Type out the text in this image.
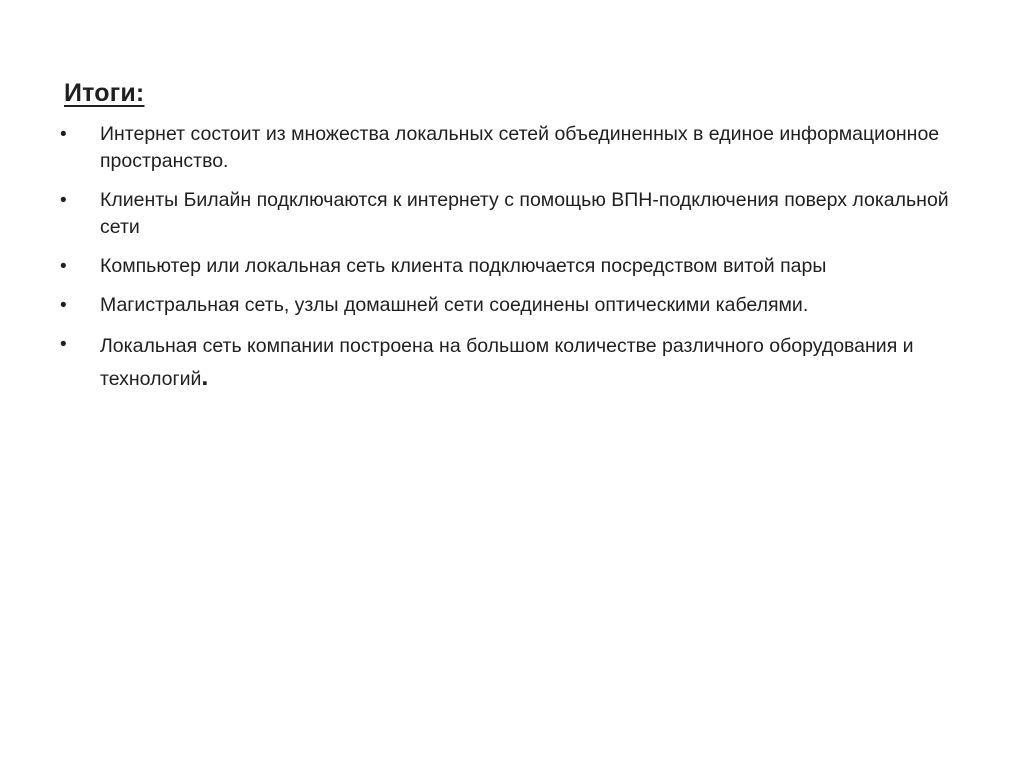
Итоги:
• Интернет состоит из множества локальных сетей объединенных в единое информационное пространство.
• Клиенты Билайн подключаются к интернету с помощью ВПН-подключения поверх локальной сети
• Компьютер или локальная сеть клиента подключается посредством витой пары
• Магистральная сеть, узлы домашней сети соединены оптическими кабелями.
• Локальная сеть компании построена на большом количестве различного оборудования и технологий.
